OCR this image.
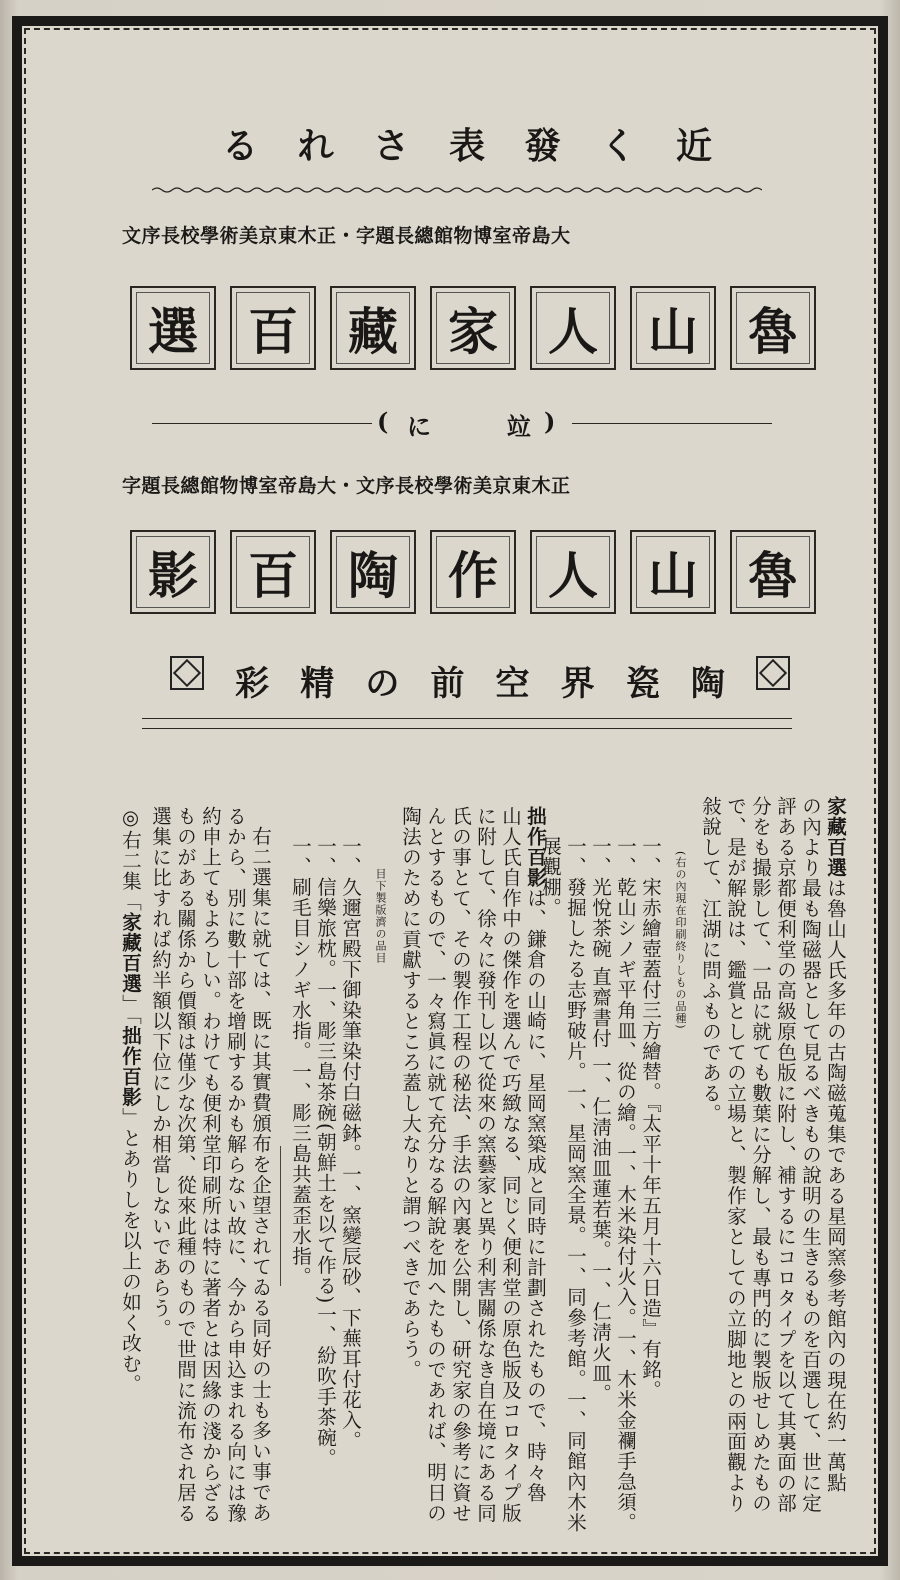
る れ さ 表 發 く 近
大島帝室博物館總長題字・正木東京美術學校長序文
魯
山
人
家
藏
百
選
( に	竝 )
正木東京美術學校長序文・大島帝室博物館總長題字
魯
山
人
作
陶
百
影
彩 精 の 前 空 界 瓷 陶
家藏百選は魯山人氏多年の古陶磁蒐集である星岡窯參考館內の現在約一萬點
の內より最も陶磁器として見るべきもの說明の生きるものを百選して、世に定
評ある京都便利堂の高級原色版に附し、補するにコロタイプを以て其裏面の部
分をも撮影して、一品に就ても數葉に分解し、最も專門的に製版せしめたもの
で、是が解說は、鑑賞としての立場と、製作家としての立脚地との兩面觀より
敍說して、江湖に問ふものである。
(右の內現在印刷終りしもの品種)
一、宋赤繪壺蓋付三方繪替。『太平十年五月十六日造』有銘。
一、乾山シノギ平角皿、從の繪。一、木米染付火入。一、木米金襴手急須。
一、光悅茶碗 直齋書付 一、仁淸油皿蓮若葉。一、仁淸火皿。
一、發掘したる志野破片。一、星岡窯全景。一、同參考館。一、同館內木米展觀棚。
拙作百影は、鎌倉の山崎に、星岡窯築成と同時に計劃されたもので、時々魯
山人氏自作中の傑作を選んで巧緻なる、同じく便利堂の原色版及コロタイプ版
に附して、徐々に發刊し以て從來の窯藝家と異り利害關係なき自在境にある同
氏の事とて、その製作工程の秘法、手法の內裏を公開し、研究家の參考に資せ
んとするもので、一々寫眞に就て充分なる解說を加へたものであれば、明日の
陶法のために貢獻するところ蓋し大なりと謂つべきであらう。
目下製版濟の品目
一、久邇宮殿下御染筆染付白磁鉢。一、窯變辰砂、下蕪耳付花入。
一、信樂旅枕。一、彫三島茶碗(朝鮮土を以て作る)一、紛吹手茶碗。
一、刷毛目シノギ水指。一、彫三島共蓋歪水指。
右二選集に就ては、既に其實費頒布を企望されてゐる同好の士も多い事であ
るから、別に數十部を增刷するかも解らない故に、今から申込まれる向には豫
約申上てもよろしい。わけても便利堂印刷所は特に著者とは因緣の淺からざる
ものがある關係から價額は僅少な次第、從來此種のもので世間に流布され居る
選集に比すれば約半額以下位にしか相當しないであらう。
◎右二集「家藏百選」「拙作百影」とありしを以上の如く改む。
